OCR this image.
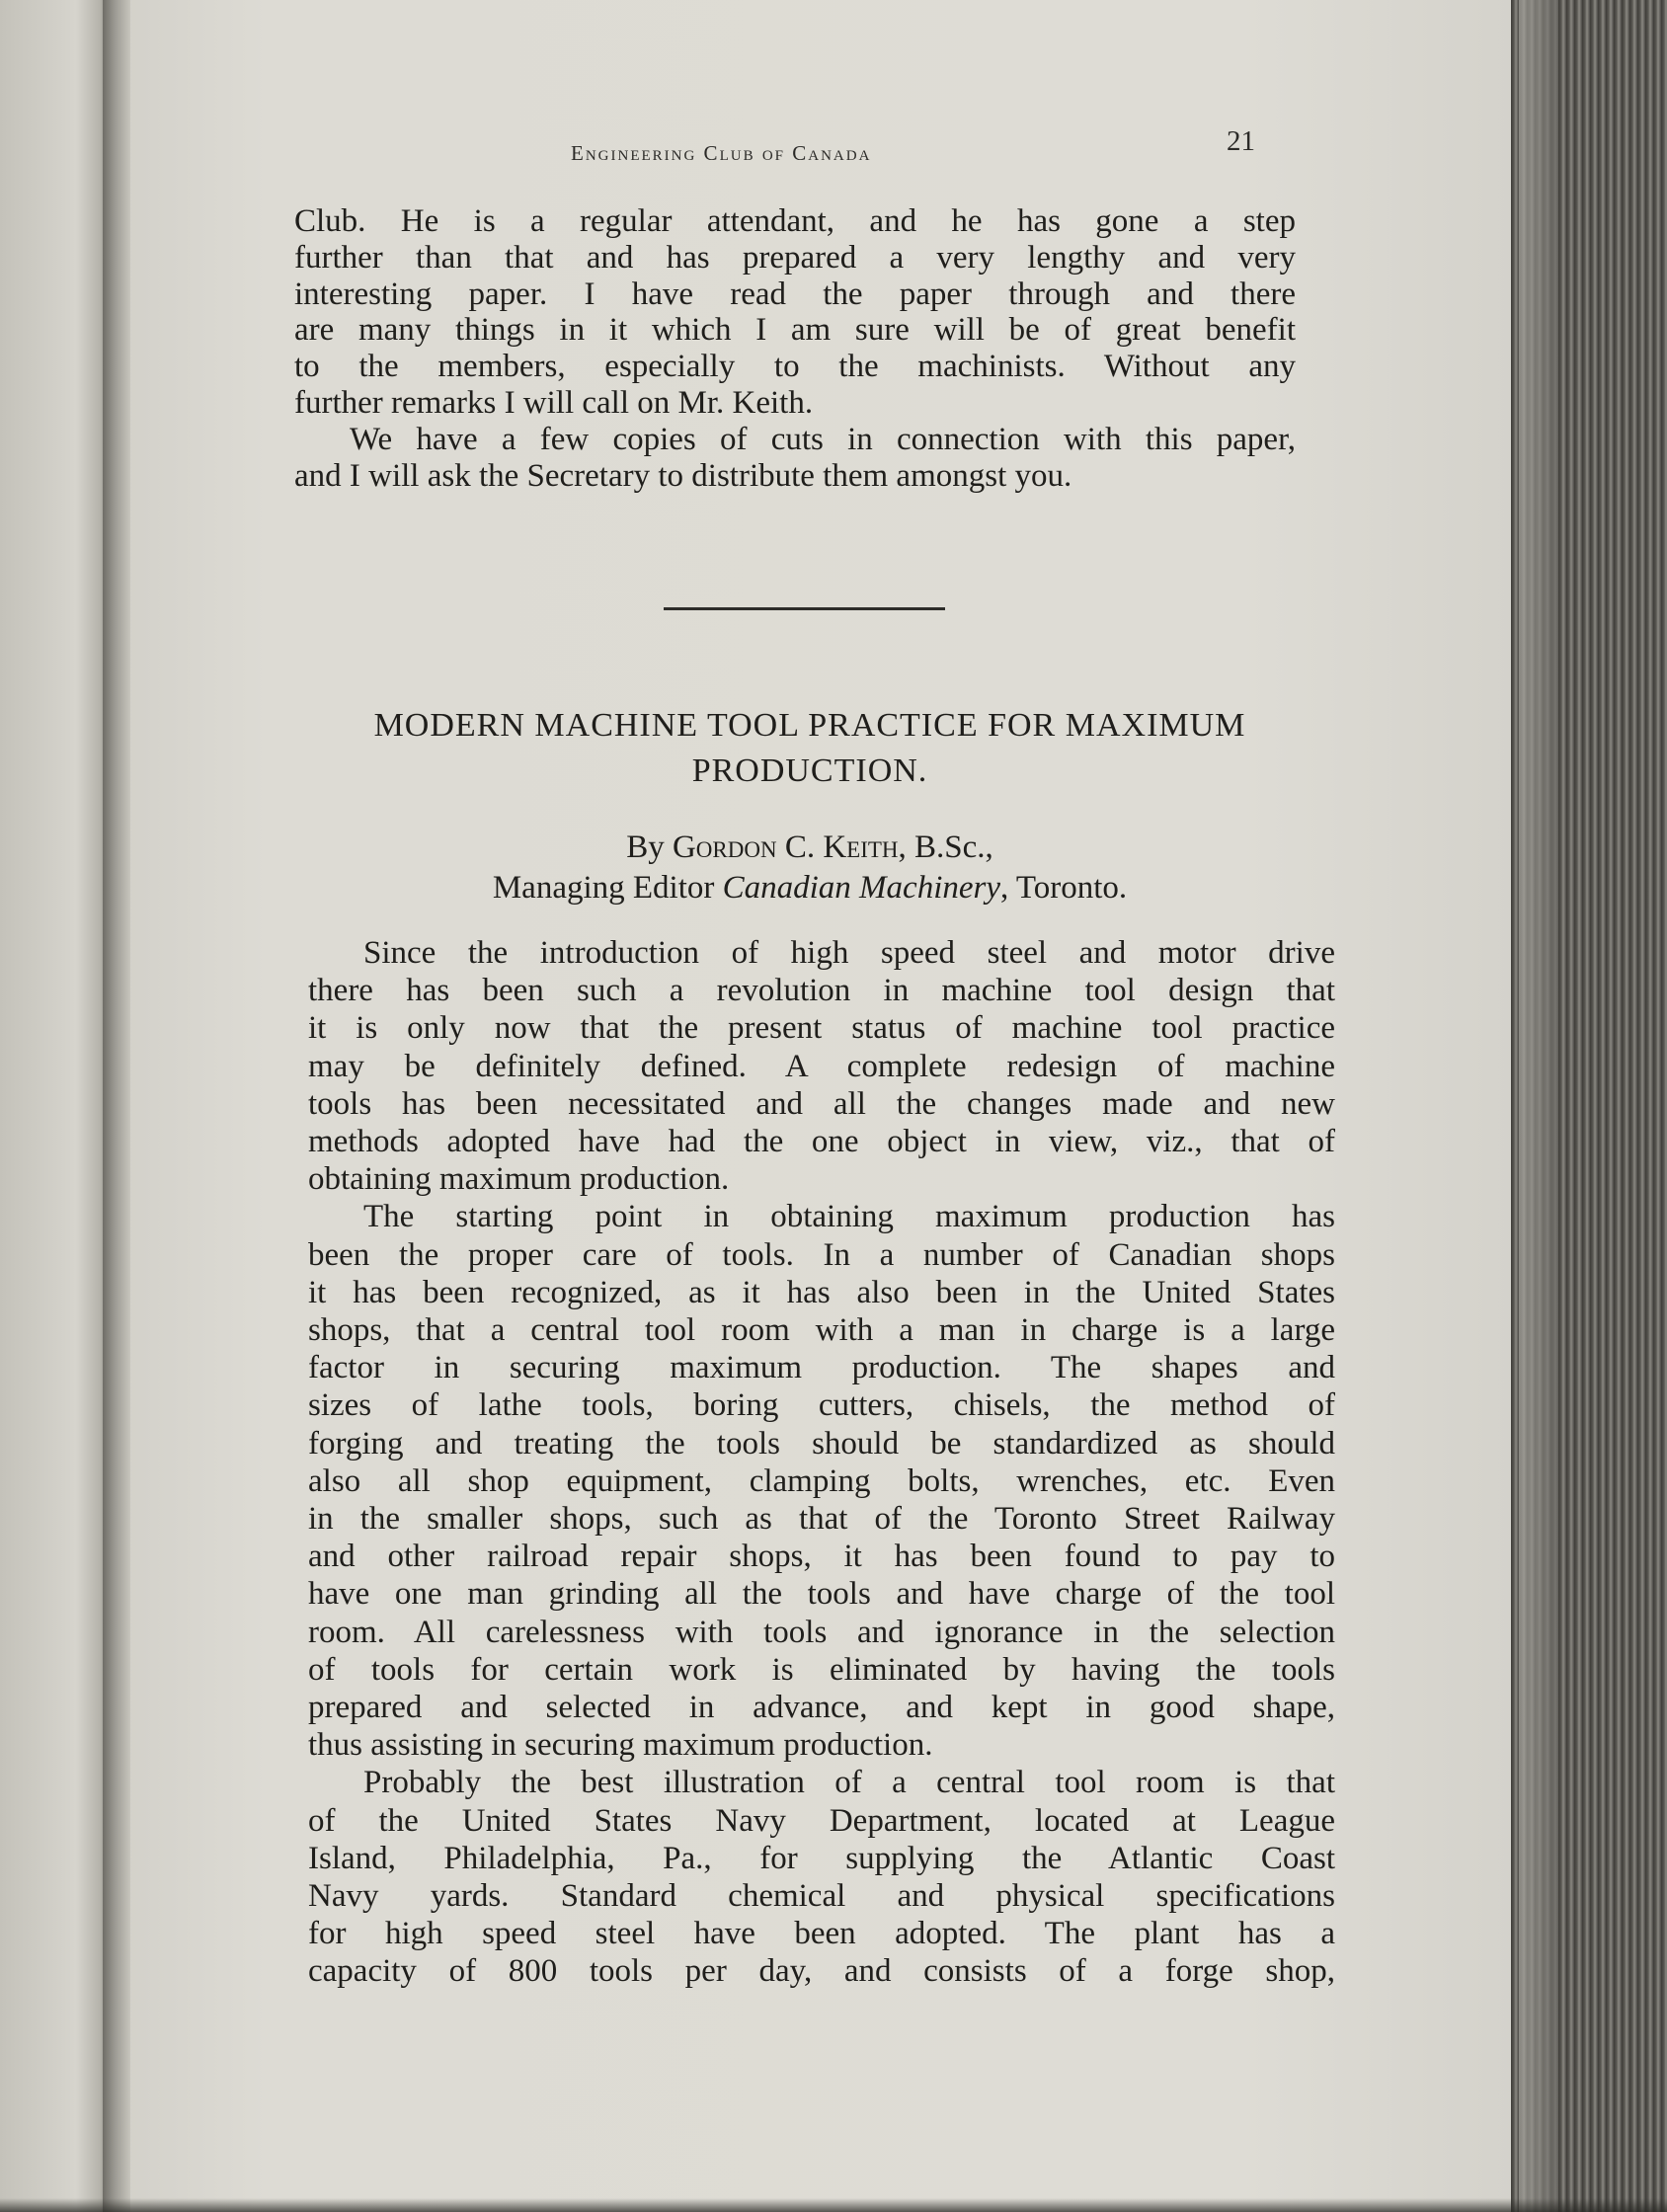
Engineering Club of Canada	21
Club. He is a regular attendant, and he has gone a step
further than that and has prepared a very lengthy and very
interesting paper. I have read the paper through and there
are many things in it which I am sure will be of great benefit
to the members, especially to the machinists. Without any
further remarks I will call on Mr. Keith.
We have a few copies of cuts in connection with this paper,
and I will ask the Secretary to distribute them amongst you.
MODERN MACHINE TOOL PRACTICE FOR MAXIMUM
PRODUCTION.
By Gordon C. Keith, B.Sc.,
Managing Editor Canadian Machinery, Toronto.
Since the introduction of high speed steel and motor drive
there has been such a revolution in machine tool design that
it is only now that the present status of machine tool practice
may be definitely defined. A complete redesign of machine
tools has been necessitated and all the changes made and new
methods adopted have had the one object in view, viz., that of
obtaining maximum production.
The starting point in obtaining maximum production has
been the proper care of tools. In a number of Canadian shops
it has been recognized, as it has also been in the United States
shops, that a central tool room with a man in charge is a large
factor in securing maximum production. The shapes and
sizes of lathe tools, boring cutters, chisels, the method of
forging and treating the tools should be standardized as should
also all shop equipment, clamping bolts, wrenches, etc. Even
in the smaller shops, such as that of the Toronto Street Railway
and other railroad repair shops, it has been found to pay to
have one man grinding all the tools and have charge of the tool
room. All carelessness with tools and ignorance in the selection
of tools for certain work is eliminated by having the tools
prepared and selected in advance, and kept in good shape,
thus assisting in securing maximum production.
Probably the best illustration of a central tool room is that
of the United States Navy Department, located at League
Island, Philadelphia, Pa., for supplying the Atlantic Coast
Navy yards. Standard chemical and physical specifications
for high speed steel have been adopted. The plant has a
capacity of 800 tools per day, and consists of a forge shop,
